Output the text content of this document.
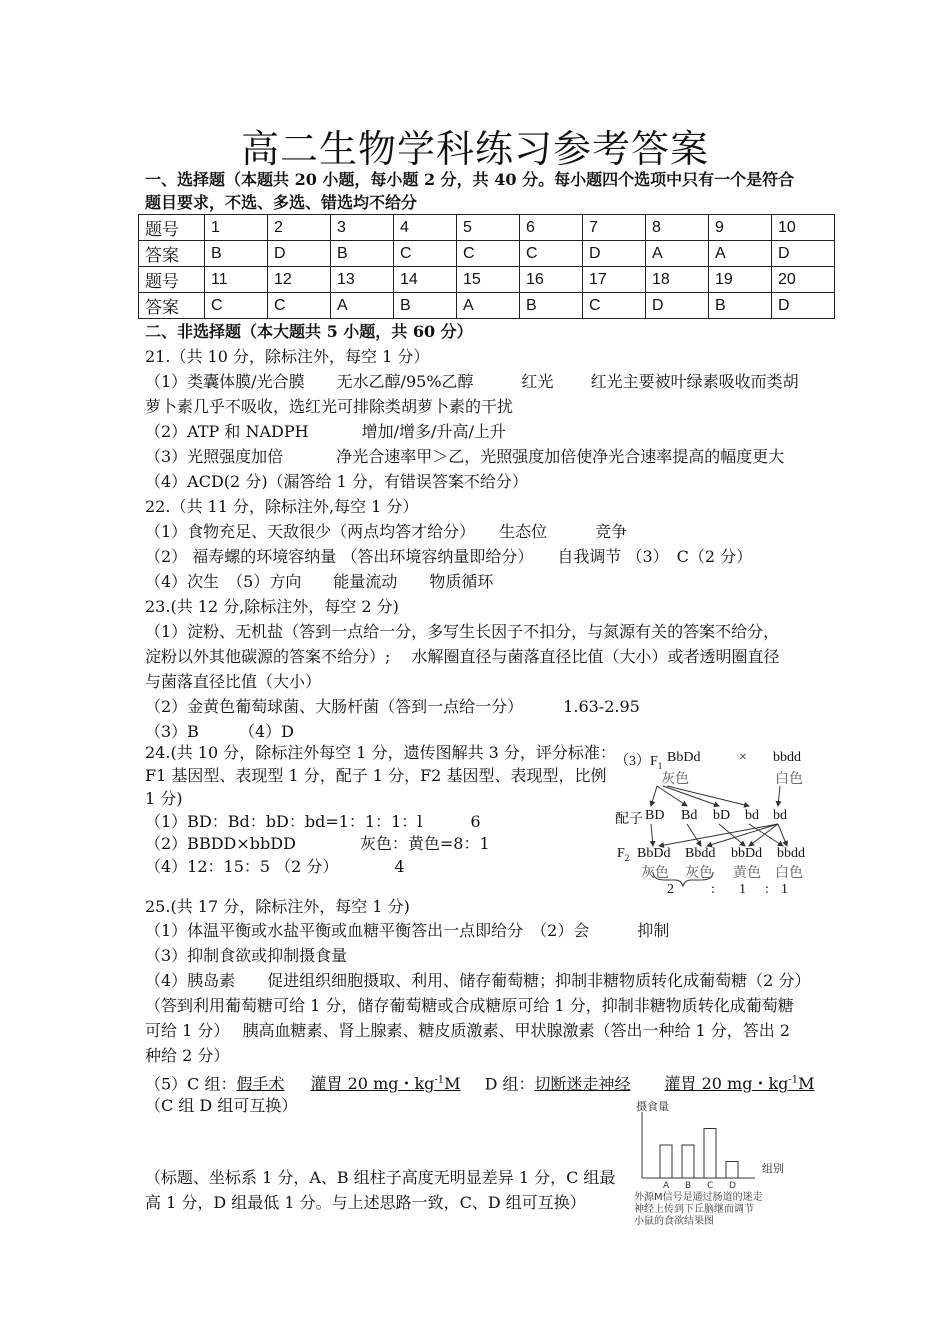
高二生物学科练习参考答案
一、选择题（本题共 20 小题，每小题 2 分，共 40 分。每小题四个选项中只有一个是符合
题目要求，不选、多选、错选均不给分
题号	1	2	3	4	5	6	7	8	9	10
答案	B	D	B	C	C	C	D	A	A	D
题号	11	12	13	14	15	16	17	18	19	20
答案	C	C	A	B	A	B	C	D	B	D
二、非选择题（本大题共 5 小题，共 60 分）
21.（共 10 分，除标注外，每空 1 分）
（1）类囊体膜/光合膜　　无水乙醇/95%乙醇　　　红光　　 红光主要被叶绿素吸收而类胡
萝卜素几乎不吸收，选红光可排除类胡萝卜素的干扰
（2）ATP 和 NADPH　　　 增加/增多/升高/上升
（3）光照强度加倍　　　 净光合速率甲＞乙，光照强度加倍使净光合速率提高的幅度更大
（4）ACD(2 分)（漏答给 1 分，有错误答案不给分）
22.（共 11 分，除标注外,每空 1 分）
（1）食物充足、天敌很少（两点均答才给分）　　生态位　　　竞争
（2） 福寿螺的环境容纳量 （答出环境容纳量即给分）　　自我调节 （3）　C（2 分）
（4）次生　（5）方向　　能量流动　　物质循环
23.(共 12 分,除标注外，每空 2 分)
（1）淀粉、无机盐（答到一点给一分，多写生长因子不扣分，与氮源有关的答案不给分，
淀粉以外其他碳源的答案不给分）;　 水解圈直径与菌落直径比值（大小）或者透明圈直径
与菌落直径比值（大小）
（2）金黄色葡萄球菌、大肠杆菌（答到一点给一分）　　　1.63-2.95
（3）B　　　（4）D
24.(共 10 分，除标注外每空 1 分，遗传图解共 3 分，评分标准：
F1 基因型、表现型 1 分，配子 1 分，F2 基因型、表现型，比例
1 分)
（1）BD：Bd：bD：bd=1：1：1：l　　　6
（2）BBDD×bbDD　　　　灰色：黄色=8：1
（4）12：15：5 （2 分）　　　　4
$(3)F_1$
BbDd	× bbdd
灰色	白色
配子 BD Bd bD bd bd
$F_2$ BbDd Bbdd bbDd bbdd
灰色 灰色 黄色 白色
2	: 1 : 1
25.(共 17 分，除标注外，每空 1 分)
（1）体温平衡或水盐平衡或血糖平衡答出一点即给分　（2）会　　　抑制
（3）抑制食欲或抑制摄食量
（4）胰岛素　　促进组织细胞摄取、利用、储存葡萄糖；抑制非糖物质转化成葡萄糖（2 分）
（答到利用葡萄糖可给 1 分，储存葡萄糖或合成糖原可给 1 分，抑制非糖物质转化成葡萄糖
可给 1 分）　 胰高血糖素、肾上腺素、糖皮质激素、甲状腺激素（答出一种给 1 分，答出 2
种给 2 分）
（5）C 组：假手术 灌胃 20 mg・$kg^{-1}M$ D 组：切断迷走神经 灌胃 20 mg・$kg^{-1}M$
（C 组 D 组可互换）
（标题、坐标系 1 分，A、B 组柱子高度无明显差异 1 分，C 组最
高 1 分，D 组最低 1 分。与上述思路一致，C、D 组可互换）
摄食量
组别
A B C D
外源M信号是通过肠道的迷走
神经上传到下丘脑继而调节
小鼠的食欲结果图
